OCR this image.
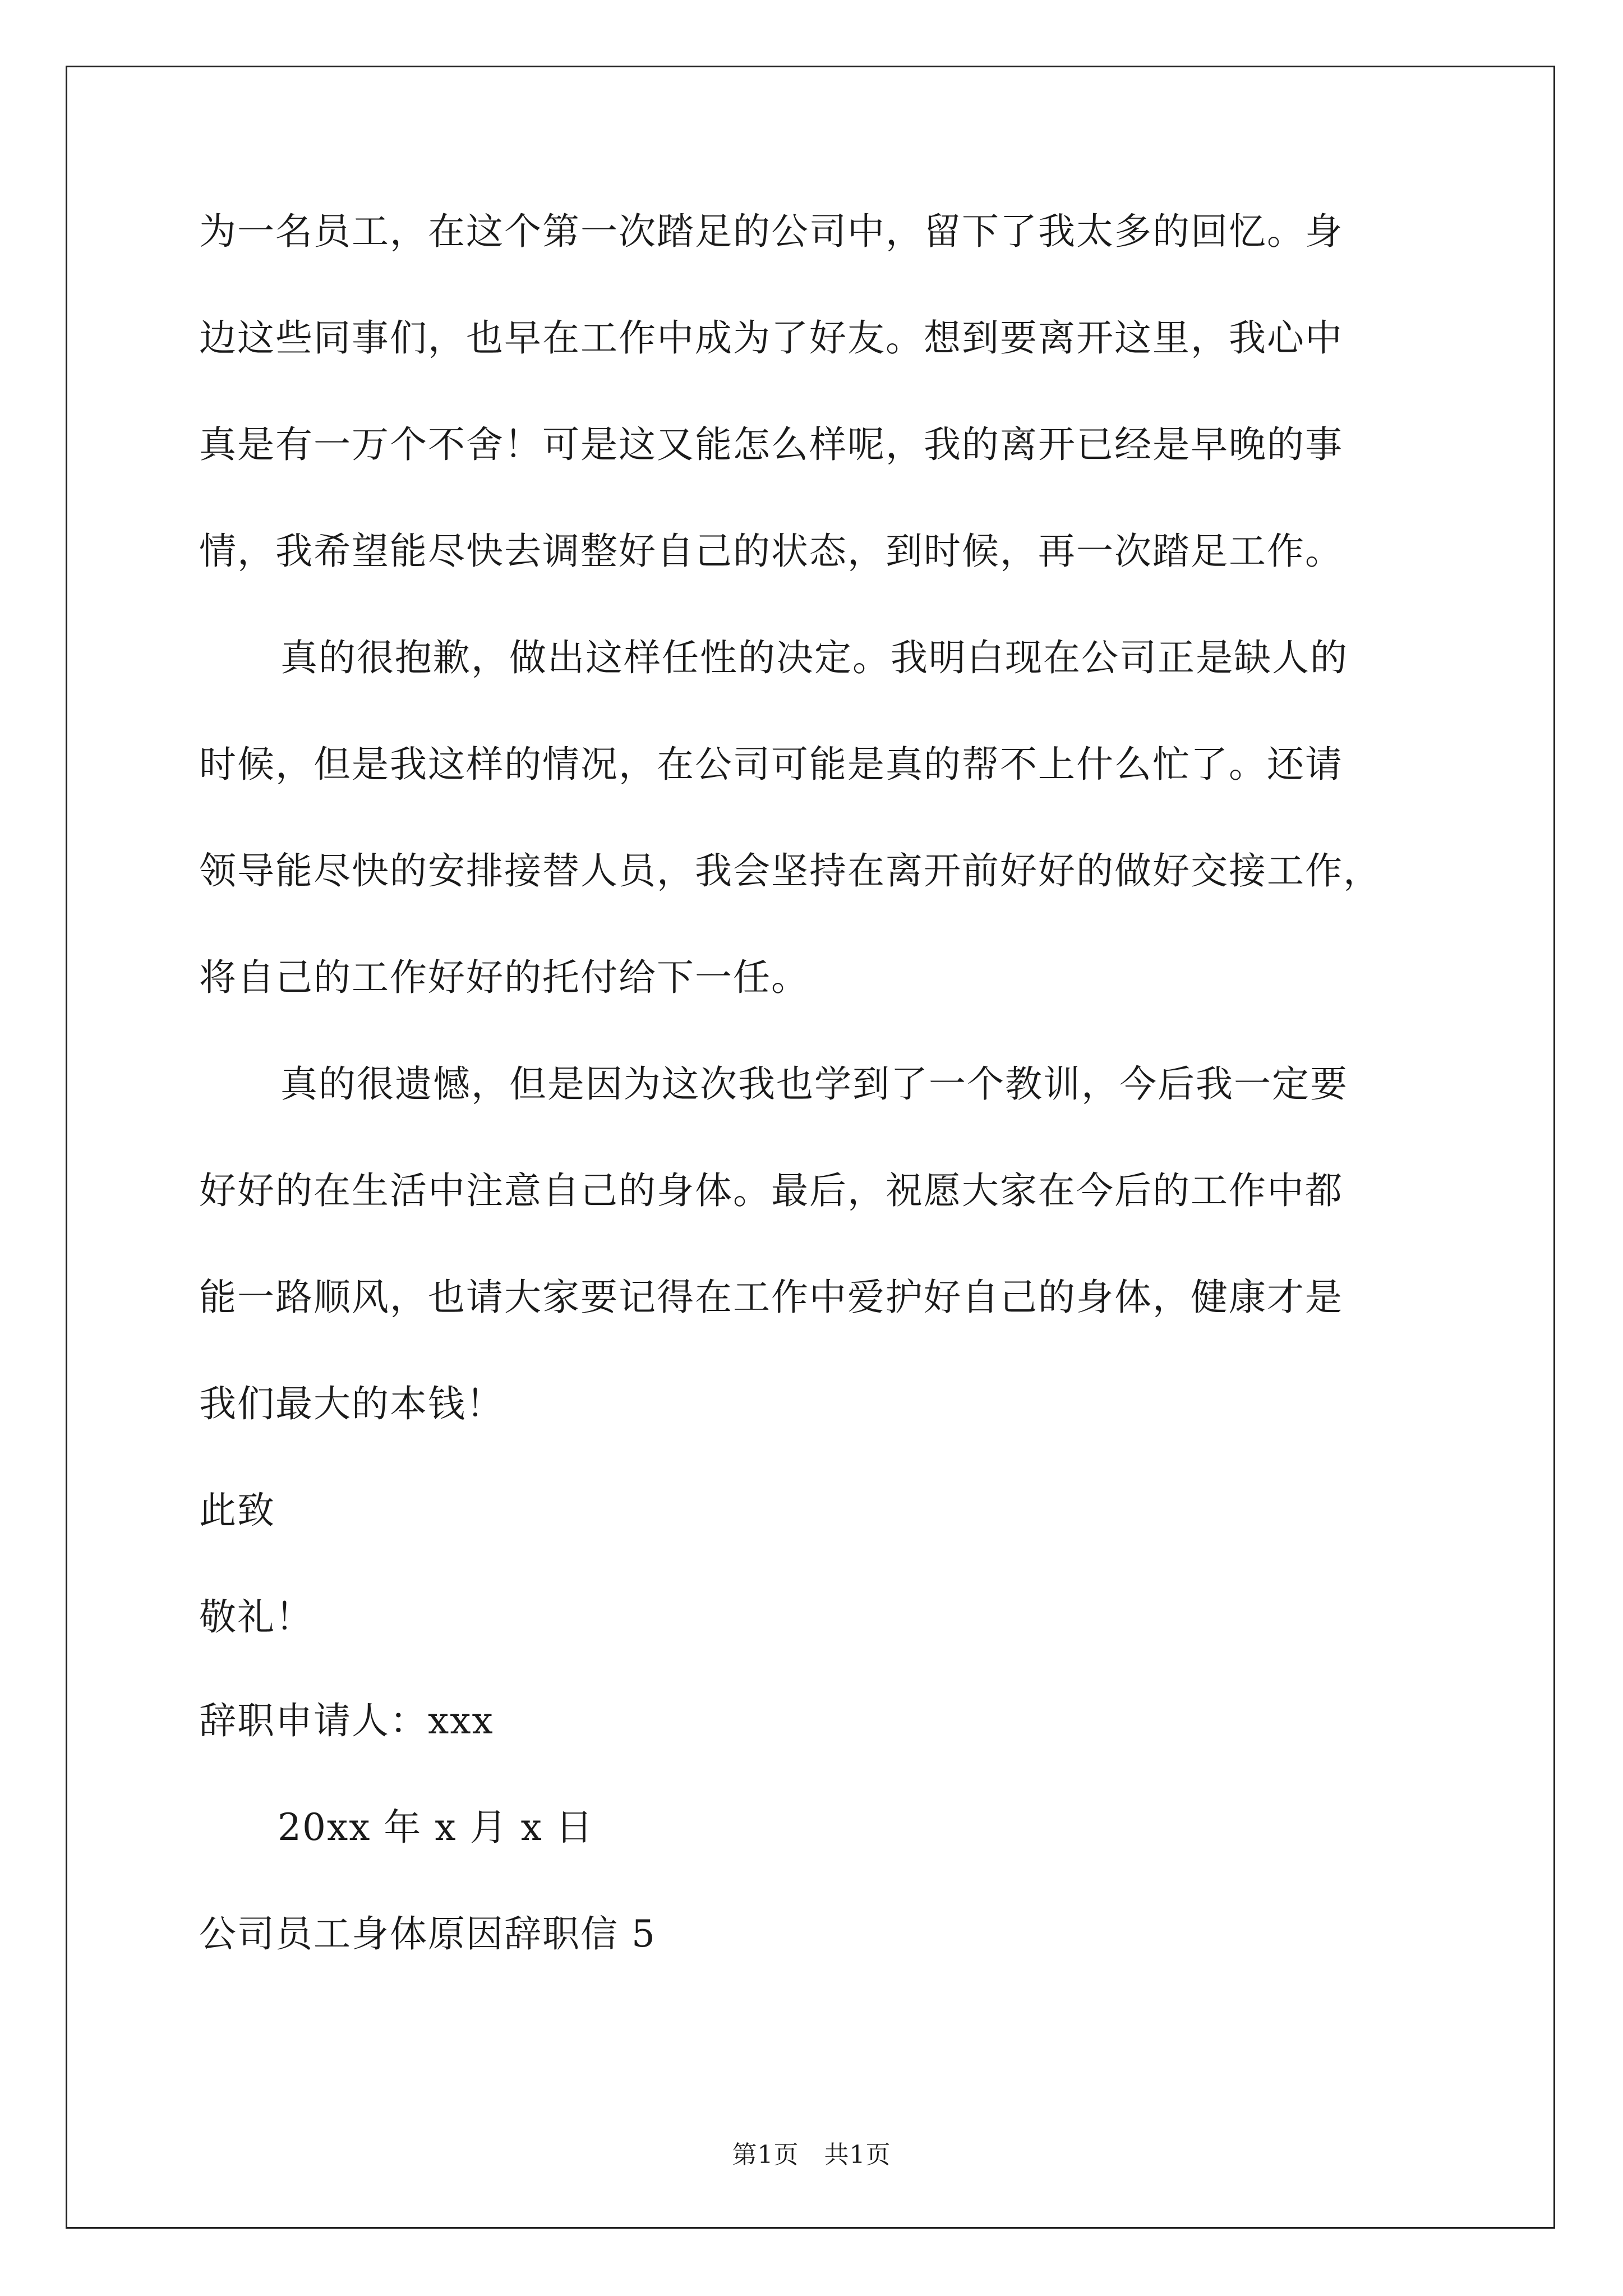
为一名员工，在这个第一次踏足的公司中，留下了我太多的回忆。身
边这些同事们，也早在工作中成为了好友。想到要离开这里，我心中
真是有一万个不舍！可是这又能怎么样呢，我的离开已经是早晚的事
情，我希望能尽快去调整好自己的状态，到时候，再一次踏足工作。
真的很抱歉，做出这样任性的决定。我明白现在公司正是缺人的
时候，但是我这样的情况，在公司可能是真的帮不上什么忙了。还请
领导能尽快的安排接替人员，我会坚持在离开前好好的做好交接工作，
将自己的工作好好的托付给下一任。
真的很遗憾，但是因为这次我也学到了一个教训，今后我一定要
好好的在生活中注意自己的身体。最后，祝愿大家在今后的工作中都
能一路顺风，也请大家要记得在工作中爱护好自己的身体，健康才是
我们最大的本钱！
此致
敬礼！
辞职申请人：xxx
20xx 年 x 月 x 日
公司员工身体原因辞职信 5
第1页   共1页
